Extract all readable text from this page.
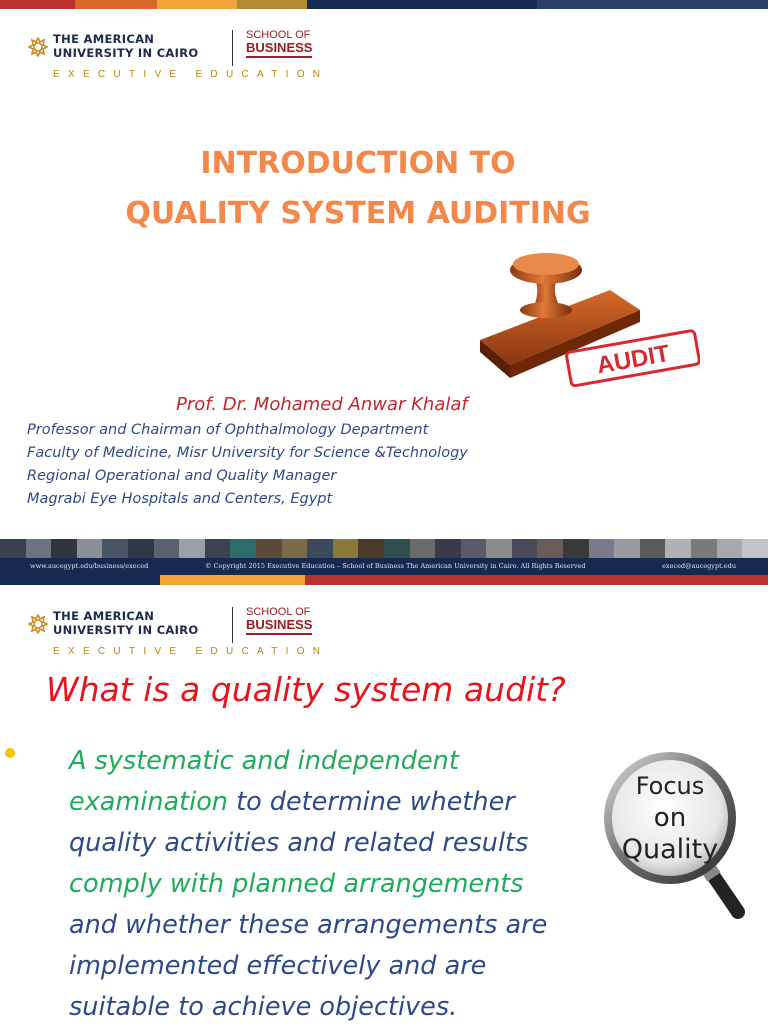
THE AMERICAN
UNIVERSITY IN CAIRO
SCHOOL OF
BUSINESS
EXECUTIVE EDUCATION
INTRODUCTION TO
QUALITY SYSTEM AUDITING
AUDIT
Prof. Dr. Mohamed Anwar Khalaf
Professor and Chairman of Ophthalmology Department
Faculty of Medicine, Misr University for Science &Technology
Regional Operational and Quality Manager
Magrabi Eye Hospitals and Centers, Egypt
www.aucegypt.edu/business/execed	© Copyright 2015 Executive Education – School of Business The American University in Cairo. All Rights Reserved	execed@aucegypt.edu
THE AMERICAN
UNIVERSITY IN CAIRO
SCHOOL OF
BUSINESS
EXECUTIVE EDUCATION
What is a quality system audit?
A systematic and independent
examination to determine whether
quality activities and related results
comply with planned arrangements
and whether these arrangements are
implemented effectively and are
suitable to achieve objectives.
Focus
on
Quality
